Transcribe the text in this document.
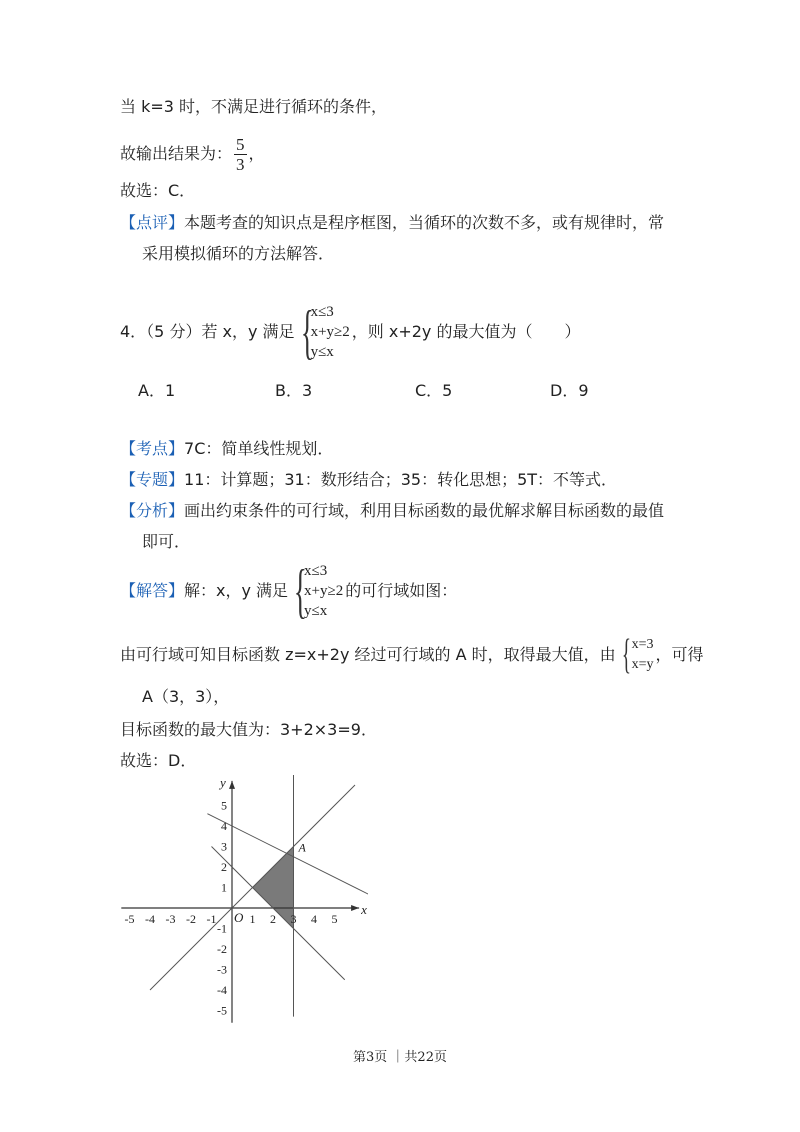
当 k=3 时，不满足进行循环的条件，
故输出结果为： $\frac{5}{3}$ ，
故选：C．
【点评】本题考查的知识点是程序框图，当循环的次数不多，或有规律时，常
采用模拟循环的方法解答．
4．（5 分）若 x，y 满足 {
x≤3
x+y≥2
y≤x
，则 x+2y 的最大值为（　　）
A．1	B．3	C．5	D．9
【考点】7C：简单线性规划．
【专题】11：计算题；31：数形结合；35：转化思想；5T：不等式．
【分析】画出约束条件的可行域，利用目标函数的最优解求解目标函数的最值
即可．
【解答】 解：x，y 满足 {
x≤3
x+y≥2
y≤x
的可行域如图：
由可行域可知目标函数 z=x+2y 经过可行域的 A 时，取得最大值，由 { x=3
x=y
，可得
A（3，3），
目标函数的最大值为：3+2×3=9．
故选：D．
-5 -4 -3 -2 -1	1 2 3 4 5
5
4
3
2
1
-1
-2
-3
-4
-5
x
y
O
A
第3页 ｜共22页
